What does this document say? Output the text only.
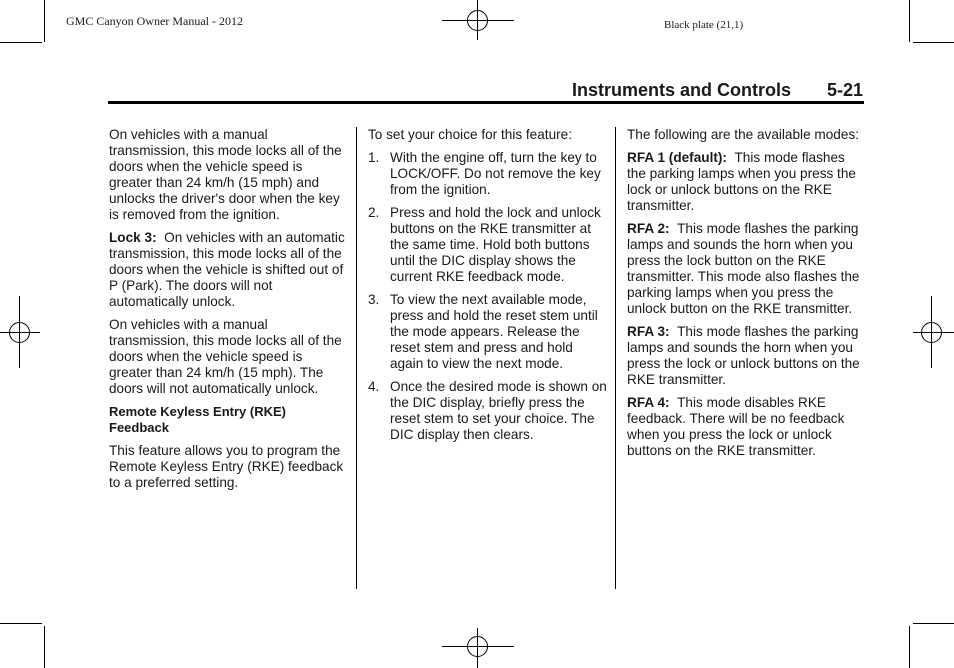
GMC Canyon Owner Manual - 2012	Black plate (21,1)
Instruments and Controls 5-21

On vehicles with a manual transmission, this mode locks all of the doors when the vehicle speed is greater than 24 km/h (15 mph) and unlocks the driver's door when the key is removed from the ignition.

Lock 3: On vehicles with an automatic transmission, this mode locks all of the doors when the vehicle is shifted out of P (Park). The doors will not automatically unlock.

On vehicles with a manual transmission, this mode locks all of the doors when the vehicle speed is greater than 24 km/h (15 mph). The doors will not automatically unlock.

Remote Keyless Entry (RKE) Feedback

This feature allows you to program the Remote Keyless Entry (RKE) feedback to a preferred setting.

To set your choice for this feature:

1. With the engine off, turn the key to LOCK/OFF. Do not remove the key from the ignition.
2. Press and hold the lock and unlock buttons on the RKE transmitter at the same time. Hold both buttons until the DIC display shows the current RKE feedback mode.
3. To view the next available mode, press and hold the reset stem until the mode appears. Release the reset stem and press and hold again to view the next mode.
4. Once the desired mode is shown on the DIC display, briefly press the reset stem to set your choice. The DIC display then clears.

The following are the available modes:

RFA 1 (default): This mode flashes the parking lamps when you press the lock or unlock buttons on the RKE transmitter.

RFA 2: This mode flashes the parking lamps and sounds the horn when you press the lock button on the RKE transmitter. This mode also flashes the parking lamps when you press the unlock button on the RKE transmitter.

RFA 3: This mode flashes the parking lamps and sounds the horn when you press the lock or unlock buttons on the RKE transmitter.

RFA 4: This mode disables RKE feedback. There will be no feedback when you press the lock or unlock buttons on the RKE transmitter.
